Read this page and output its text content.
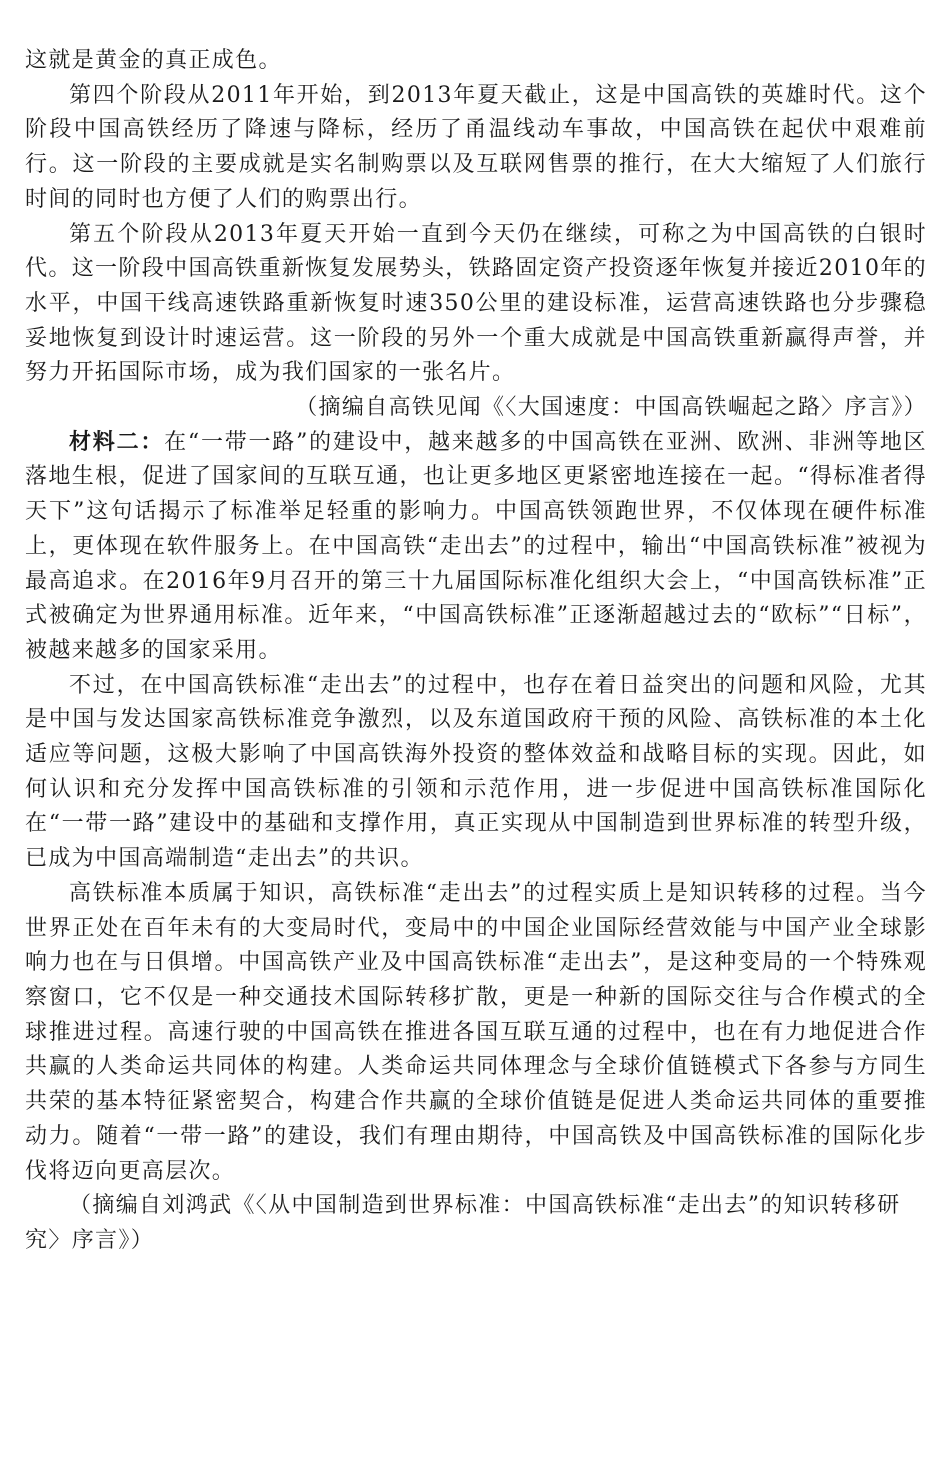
这就是黄金的真正成色。

第四个阶段从2011年开始，到2013年夏天截止，这是中国高铁的英雄时代。这个阶段中国高铁经历了降速与降标，经历了甬温线动车事故，中国高铁在起伏中艰难前行。这一阶段的主要成就是实名制购票以及互联网售票的推行，在大大缩短了人们旅行时间的同时也方便了人们的购票出行。

第五个阶段从2013年夏天开始一直到今天仍在继续，可称之为中国高铁的白银时代。这一阶段中国高铁重新恢复发展势头，铁路固定资产投资逐年恢复并接近2010年的水平，中国干线高速铁路重新恢复时速350公里的建设标准，运营高速铁路也分步骤稳妥地恢复到设计时速运营。这一阶段的另外一个重大成就是中国高铁重新赢得声誉，并努力开拓国际市场，成为我们国家的一张名片。

（摘编自高铁见闻《〈大国速度：中国高铁崛起之路〉序言》）

材料二：在“一带一路”的建设中，越来越多的中国高铁在亚洲、欧洲、非洲等地区落地生根，促进了国家间的互联互通，也让更多地区更紧密地连接在一起。“得标准者得天下”这句话揭示了标准举足轻重的影响力。中国高铁领跑世界，不仅体现在硬件标准上，更体现在软件服务上。在中国高铁“走出去”的过程中，输出“中国高铁标准”被视为最高追求。在2016年9月召开的第三十九届国际标准化组织大会上，“中国高铁标准”正式被确定为世界通用标准。近年来，“中国高铁标准”正逐渐超越过去的“欧标”“日标”，被越来越多的国家采用。

不过，在中国高铁标准“走出去”的过程中，也存在着日益突出的问题和风险，尤其是中国与发达国家高铁标准竞争激烈，以及东道国政府干预的风险、高铁标准的本土化适应等问题，这极大影响了中国高铁海外投资的整体效益和战略目标的实现。因此，如何认识和充分发挥中国高铁标准的引领和示范作用，进一步促进中国高铁标准国际化在“一带一路”建设中的基础和支撑作用，真正实现从中国制造到世界标准的转型升级，已成为中国高端制造“走出去”的共识。

高铁标准本质属于知识，高铁标准“走出去”的过程实质上是知识转移的过程。当今世界正处在百年未有的大变局时代，变局中的中国企业国际经营效能与中国产业全球影响力也在与日俱增。中国高铁产业及中国高铁标准“走出去”，是这种变局的一个特殊观察窗口，它不仅是一种交通技术国际转移扩散，更是一种新的国际交往与合作模式的全球推进过程。高速行驶的中国高铁在推进各国互联互通的过程中，也在有力地促进合作共赢的人类命运共同体的构建。人类命运共同体理念与全球价值链模式下各参与方同生共荣的基本特征紧密契合，构建合作共赢的全球价值链是促进人类命运共同体的重要推动力。随着“一带一路”的建设，我们有理由期待，中国高铁及中国高铁标准的国际化步伐将迈向更高层次。

（摘编自刘鸿武《〈从中国制造到世界标准：中国高铁标准“走出去”的知识转移研究〉序言》）
